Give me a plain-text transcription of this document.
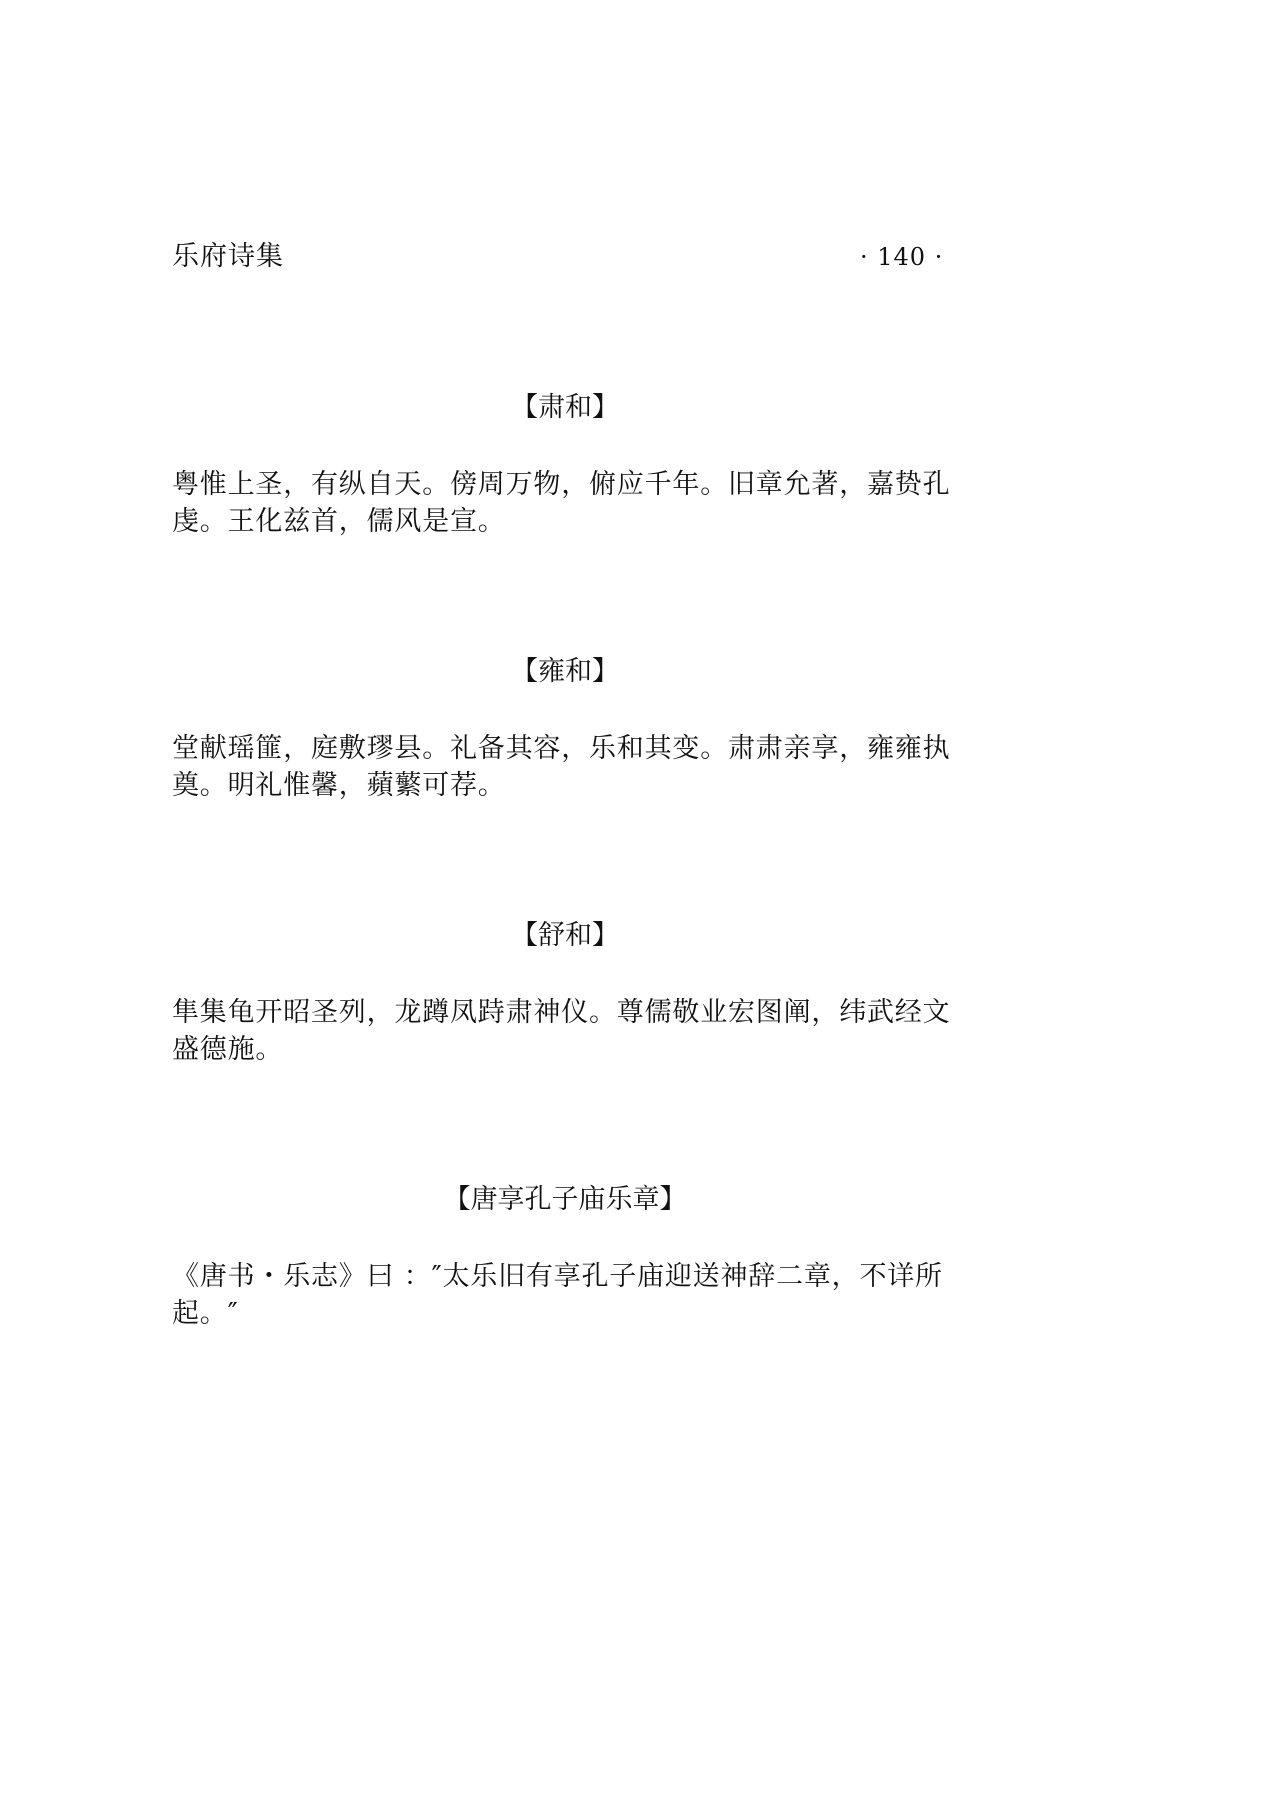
乐府诗集	· 140 ·
【肃和】
粤惟上圣，有纵自天。傍周万物，俯应千年。旧章允著，嘉贽孔虔。王化兹首，儒风是宣。
【雍和】
堂献瑶篚，庭敷璆县。礼备其容，乐和其变。肃肃亲享，雍雍执奠。明礼惟馨，蘋蘩可荐。
【舒和】
隼集龟开昭圣列，龙蹲凤跱肃神仪。尊儒敬业宏图阐，纬武经文盛德施。
【唐享孔子庙乐章】
《唐书・乐志》曰 ：″太乐旧有享孔子庙迎送神辞二章，不详所起。″
